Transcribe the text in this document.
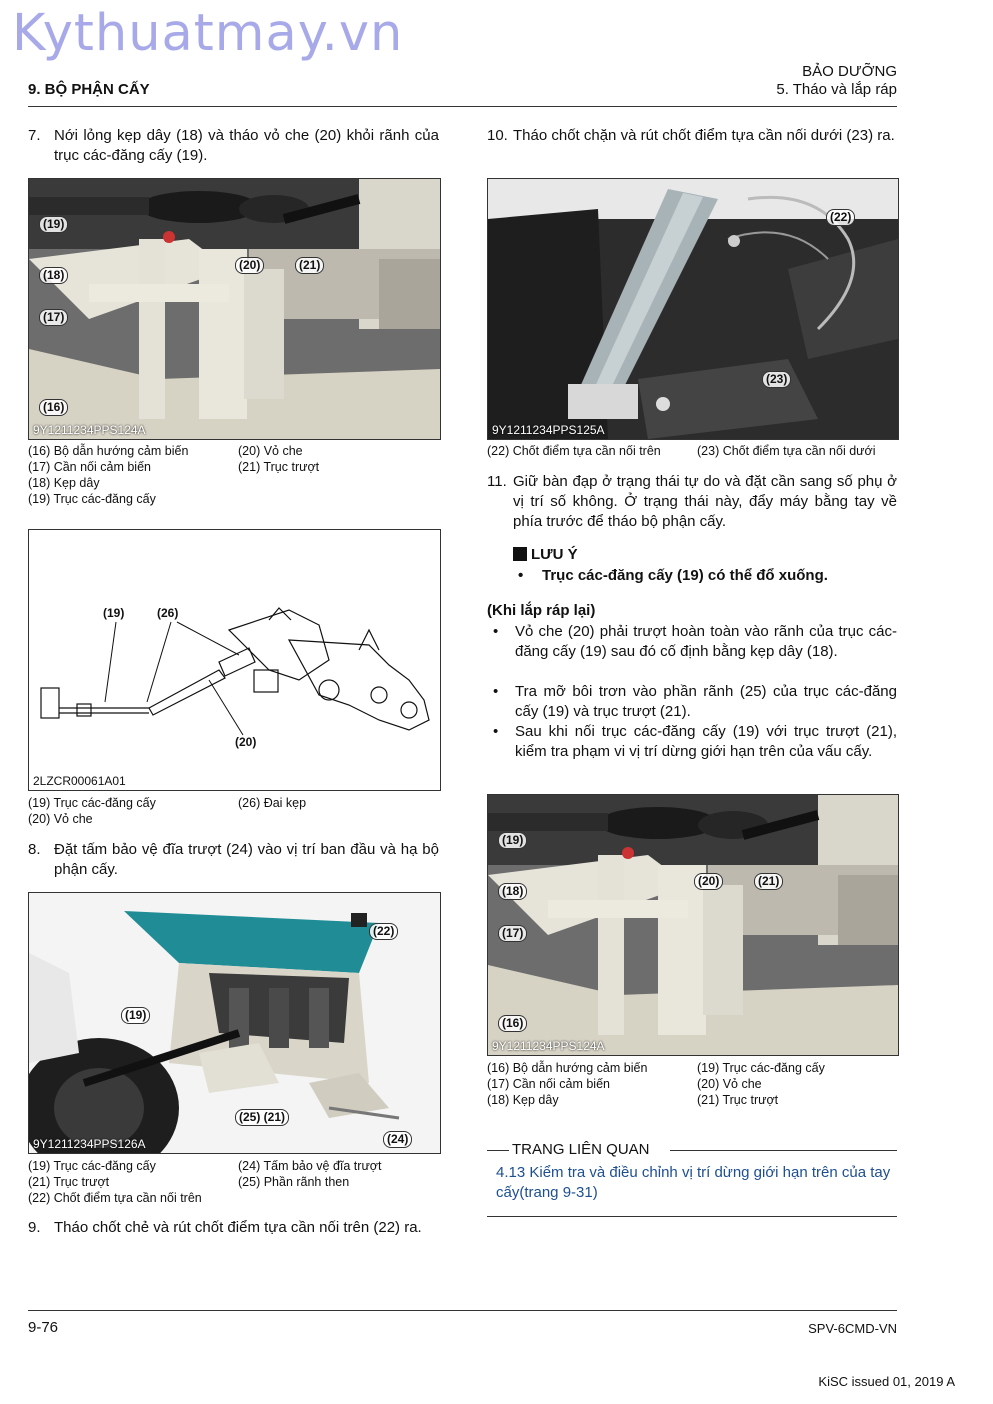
Kythuatmay.vn
9. BỘ PHẬN CẤY
BẢO DƯỠNG
5. Tháo và lắp ráp
7. Nới lỏng kẹp dây (18) và tháo vỏ che (20) khỏi rãnh của trục các-đăng cấy (19).
(19)
(18)
(17)
(16)
(20)	(21)
9Y1211234PPS124A
(16) Bộ dẫn hướng cảm biến
(17) Cần nối cảm biến
(18) Kẹp dây
(19) Trục các-đăng cấy
(20) Vỏ che
(21) Trục trượt
(19)	(26)
(20)
2LZCR00061A01
(19) Trục các-đăng cấy
(20) Vỏ che
(26) Đai kẹp
8. Đặt tấm bảo vệ đĩa trượt (24) vào vị trí ban đầu và hạ bộ phận cấy.
(22)
(19)
(25) (21)
(24)
9Y1211234PPS126A
(19) Trục các-đăng cấy
(21) Trục trượt
(22) Chốt điểm tựa cần nối trên
(24) Tấm bảo vệ đĩa trượt
(25) Phần rãnh then
9. Tháo chốt chẻ và rút chốt điểm tựa cần nối trên (22) ra.
10. Tháo chốt chặn và rút chốt điểm tựa cần nối dưới (23) ra.
(22)
(23)
9Y1211234PPS125A
(22) Chốt điểm tựa cần nối trên	(23) Chốt điểm tựa cần nối dưới
11. Giữ bàn đạp ở trạng thái tự do và đặt cần sang số phụ ở vị trí số không. Ở trạng thái này, đẩy máy bằng tay về phía trước để tháo bộ phận cấy.
LƯU Ý
• Trục các-đăng cấy (19) có thể đổ xuống.
(Khi lắp ráp lại)
• Vỏ che (20) phải trượt hoàn toàn vào rãnh của trục các-đăng cấy (19) sau đó cố định bằng kẹp dây (18).
• Tra mỡ bôi trơn vào phần rãnh (25) của trục các-đăng cấy (19) và trục trượt (21).
• Sau khi nối trục các-đăng cấy (19) với trục trượt (21), kiểm tra phạm vi vị trí dừng giới hạn trên của vấu cấy.
(19)
(18)
(17)
(16)
(20)	(21)
9Y1211234PPS124A
(16) Bộ dẫn hướng cảm biến
(17) Cần nối cảm biến
(18) Kẹp dây
(19) Trục các-đăng cấy
(20) Vỏ che
(21) Trục trượt
TRANG LIÊN QUAN
4.13 Kiểm tra và điều chỉnh vị trí dừng giới hạn trên của tay cấy(trang 9-31)
9-76	SPV-6CMD-VN
KiSC issued 01, 2019 A
